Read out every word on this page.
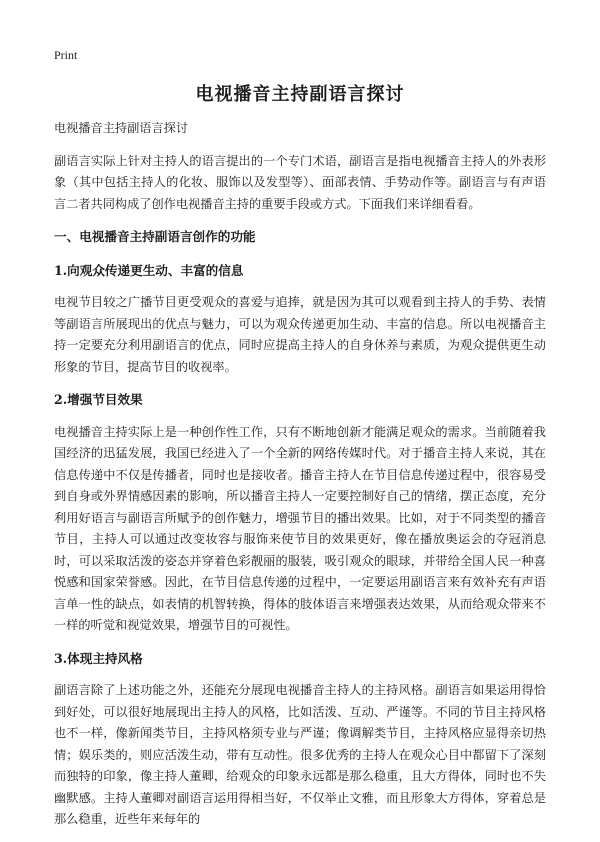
Print
电视播音主持副语言探讨
电视播音主持副语言探讨

副语言实际上针对主持人的语言提出的一个专门术语，副语言是指电视播音主持人的外表形象（其中包括主持人的化妆、服饰以及发型等）、面部表情、手势动作等。副语言与有声语言二者共同构成了创作电视播音主持的重要手段或方式。下面我们来详细看看。

一、电视播音主持副语言创作的功能
1.向观众传递更生动、丰富的信息

电视节目较之广播节目更受观众的喜爱与追捧，就是因为其可以观看到主持人的手势、表情等副语言所展现出的优点与魅力，可以为观众传递更加生动、丰富的信息。所以电视播音主持一定要充分利用副语言的优点，同时应提高主持人的自身休养与素质，为观众提供更生动形象的节目，提高节目的收视率。

2.增强节目效果

电视播音主持实际上是一种创作性工作，只有不断地创新才能满足观众的需求。当前随着我国经济的迅猛发展，我国已经进入了一个全新的网络传媒时代。对于播音主持人来说，其在信息传递中不仅是传播者，同时也是接收者。播音主持人在节目信息传递过程中，很容易受到自身或外界情感因素的影响，所以播音主持人一定要控制好自己的情绪，摆正态度，充分利用好语言与副语言所赋予的创作魅力，增强节目的播出效果。比如，对于不同类型的播音节目，主持人可以通过改变妆容与服饰来使节目的效果更好，像在播放奥运会的夺冠消息时，可以采取活泼的姿态并穿着色彩靓丽的服装，吸引观众的眼球，并带给全国人民一种喜悦感和国家荣誉感。因此，在节目信息传递的过程中，一定要运用副语言来有效补充有声语言单一性的缺点，如表情的机智转换，得体的肢体语言来增强表达效果，从而给观众带来不一样的听觉和视觉效果，增强节目的可视性。

3.体现主持风格

副语言除了上述功能之外，还能充分展现电视播音主持人的主持风格。副语言如果运用得恰到好处，可以很好地展现出主持人的风格，比如活泼、互动、严谨等。不同的节目主持风格也不一样，像新闻类节目，主持风格须专业与严谨；像调解类节目，主持风格应显得亲切热情；娱乐类的，则应活泼生动，带有互动性。很多优秀的主持人在观众心目中都留下了深刻而独特的印象，像主持人董卿，给观众的印象永远都是那么稳重，且大方得体，同时也不失幽默感。主持人董卿对副语言运用得相当好，不仅举止文雅，而且形象大方得体，穿着总是那么稳重，近些年来每年的
